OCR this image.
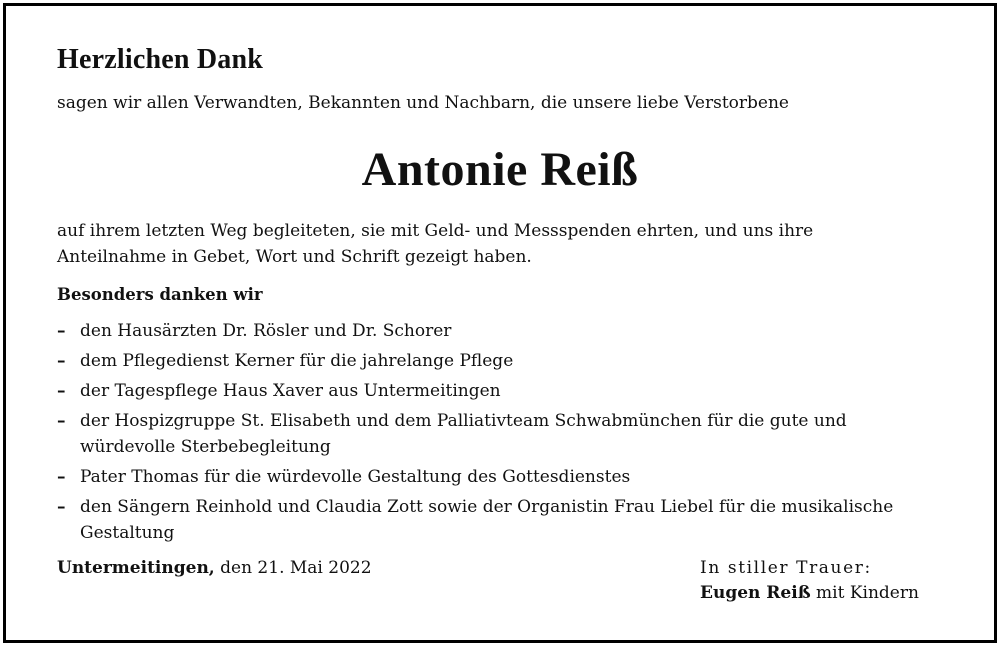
Herzlichen Dank
sagen wir allen Verwandten, Bekannten und Nachbarn, die unsere liebe Verstorbene
Antonie Reiß
auf ihrem letzten Weg begleiteten, sie mit Geld- und Messspenden ehrten, und uns ihre
Anteilnahme in Gebet, Wort und Schrift gezeigt haben.
Besonders danken wir
– den Hausärzten Dr. Rösler und Dr. Schorer
– dem Pflegedienst Kerner für die jahrelange Pflege
– der Tagespflege Haus Xaver aus Untermeitingen
– der Hospizgruppe St. Elisabeth und dem Palliativteam Schwabmünchen für die gute und würdevolle Sterbebegleitung
– Pater Thomas für die würdevolle Gestaltung des Gottesdienstes
– den Sängern Reinhold und Claudia Zott sowie der Organistin Frau Liebel für die musikalische Gestaltung
Untermeitingen, den 21. Mai 2022	In stiller Trauer:
Eugen Reiß mit Kindern
